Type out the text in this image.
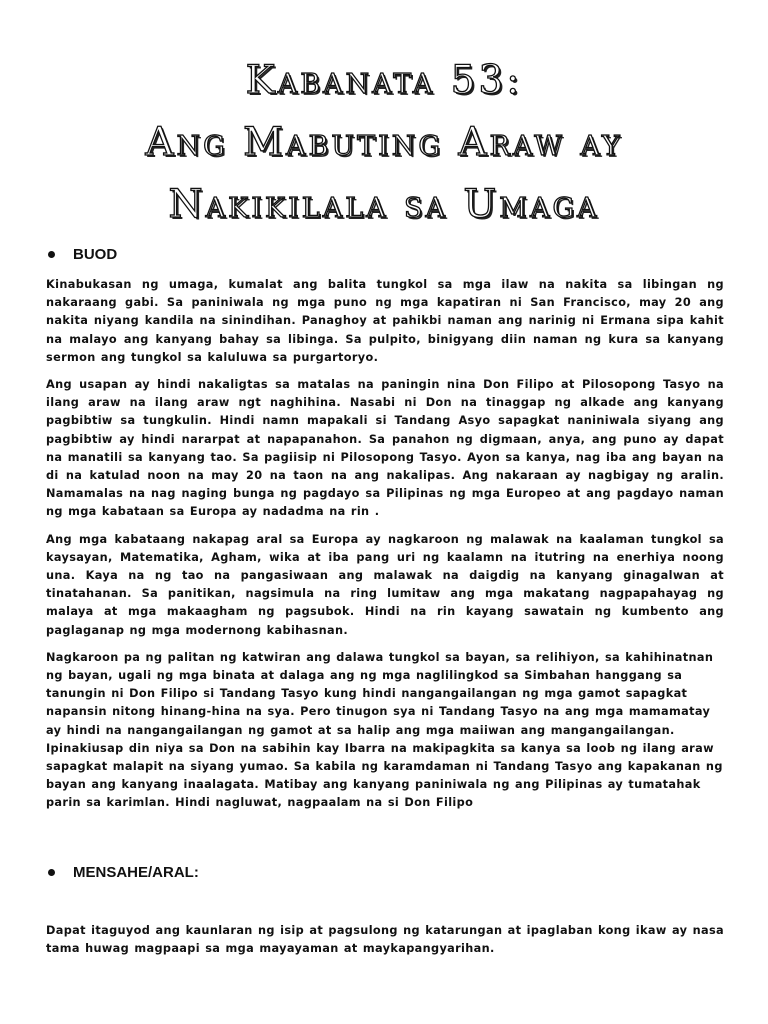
Kabanata 53:
Ang Mabuting Araw ay
Nakikilala sa Umaga
BUOD

Kinabukasan ng umaga, kumalat ang balita tungkol sa mga ilaw na nakita sa libingan ng nakaraang gabi. Sa paniniwala ng mga puno ng mga kapatiran ni San Francisco, may 20 ang nakita niyang kandila na sinindihan. Panaghoy at pahikbi naman ang narinig ni Ermana sipa kahit na malayo ang kanyang bahay sa libinga. Sa pulpito, binigyang diin naman ng kura sa kanyang sermon ang tungkol sa kaluluwa sa purgartoryo.

Ang usapan ay hindi nakaligtas sa matalas na paningin nina Don Filipo at Pilosopong Tasyo na ilang araw na ilang araw ngt naghihina. Nasabi ni Don na tinaggap ng alkade ang kanyang pagbibtiw sa tungkulin. Hindi namn mapakali si Tandang Asyo sapagkat naniniwala siyang ang pagbibtiw ay hindi nararpat at napapanahon. Sa panahon ng digmaan, anya, ang puno ay dapat na manatili sa kanyang tao. Sa pagiisip ni Pilosopong Tasyo. Ayon sa kanya, nag iba ang bayan na di na katulad noon na may 20 na taon na ang nakalipas. Ang nakaraan ay nagbigay ng aralin. Namamalas na nag naging bunga ng pagdayo sa Pilipinas ng mga Europeo at ang pagdayo naman ng mga kabataan sa Europa ay nadadma na rin .

Ang mga kabataang nakapag aral sa Europa ay nagkaroon ng malawak na kaalaman tungkol sa kaysayan, Matematika, Agham, wika at iba pang uri ng kaalamn na itutring na enerhiya noong una. Kaya na ng tao na pangasiwaan ang malawak na daigdig na kanyang ginagalwan at tinatahanan. Sa panitikan, nagsimula na ring lumitaw ang mga makatang nagpapahayag ng malaya at mga makaagham ng pagsubok. Hindi na rin kayang sawatain ng kumbento ang paglaganap ng mga modernong kabihasnan.

Nagkaroon pa ng palitan ng katwiran ang dalawa tungkol sa bayan, sa relihiyon, sa kahihinatnan ng bayan, ugali ng mga binata at dalaga ang ng mga naglilingkod sa Simbahan hanggang sa tanungin ni Don Filipo si Tandang Tasyo kung hindi nangangailangan ng mga gamot sapagkat napansin nitong hinang-hina na sya. Pero tinugon sya ni Tandang Tasyo na ang mga mamamatay ay hindi na nangangailangan ng gamot at sa halip ang mga maiiwan ang mangangailangan. Ipinakiusap din niya sa Don na sabihin kay Ibarra na makipagkita sa kanya sa loob ng ilang araw sapagkat malapit na siyang yumao. Sa kabila ng karamdaman ni Tandang Tasyo ang kapakanan ng bayan ang kanyang inaalagata. Matibay ang kanyang paniniwala ng ang Pilipinas ay tumatahak parin sa karimlan. Hindi nagluwat, nagpaalam na si Don Filipo

MENSAHE/ARAL:

Dapat itaguyod ang kaunlaran ng isip at pagsulong ng katarungan at ipaglaban kong ikaw ay nasa tama huwag magpaapi sa mga mayayaman at maykapangyarihan.
